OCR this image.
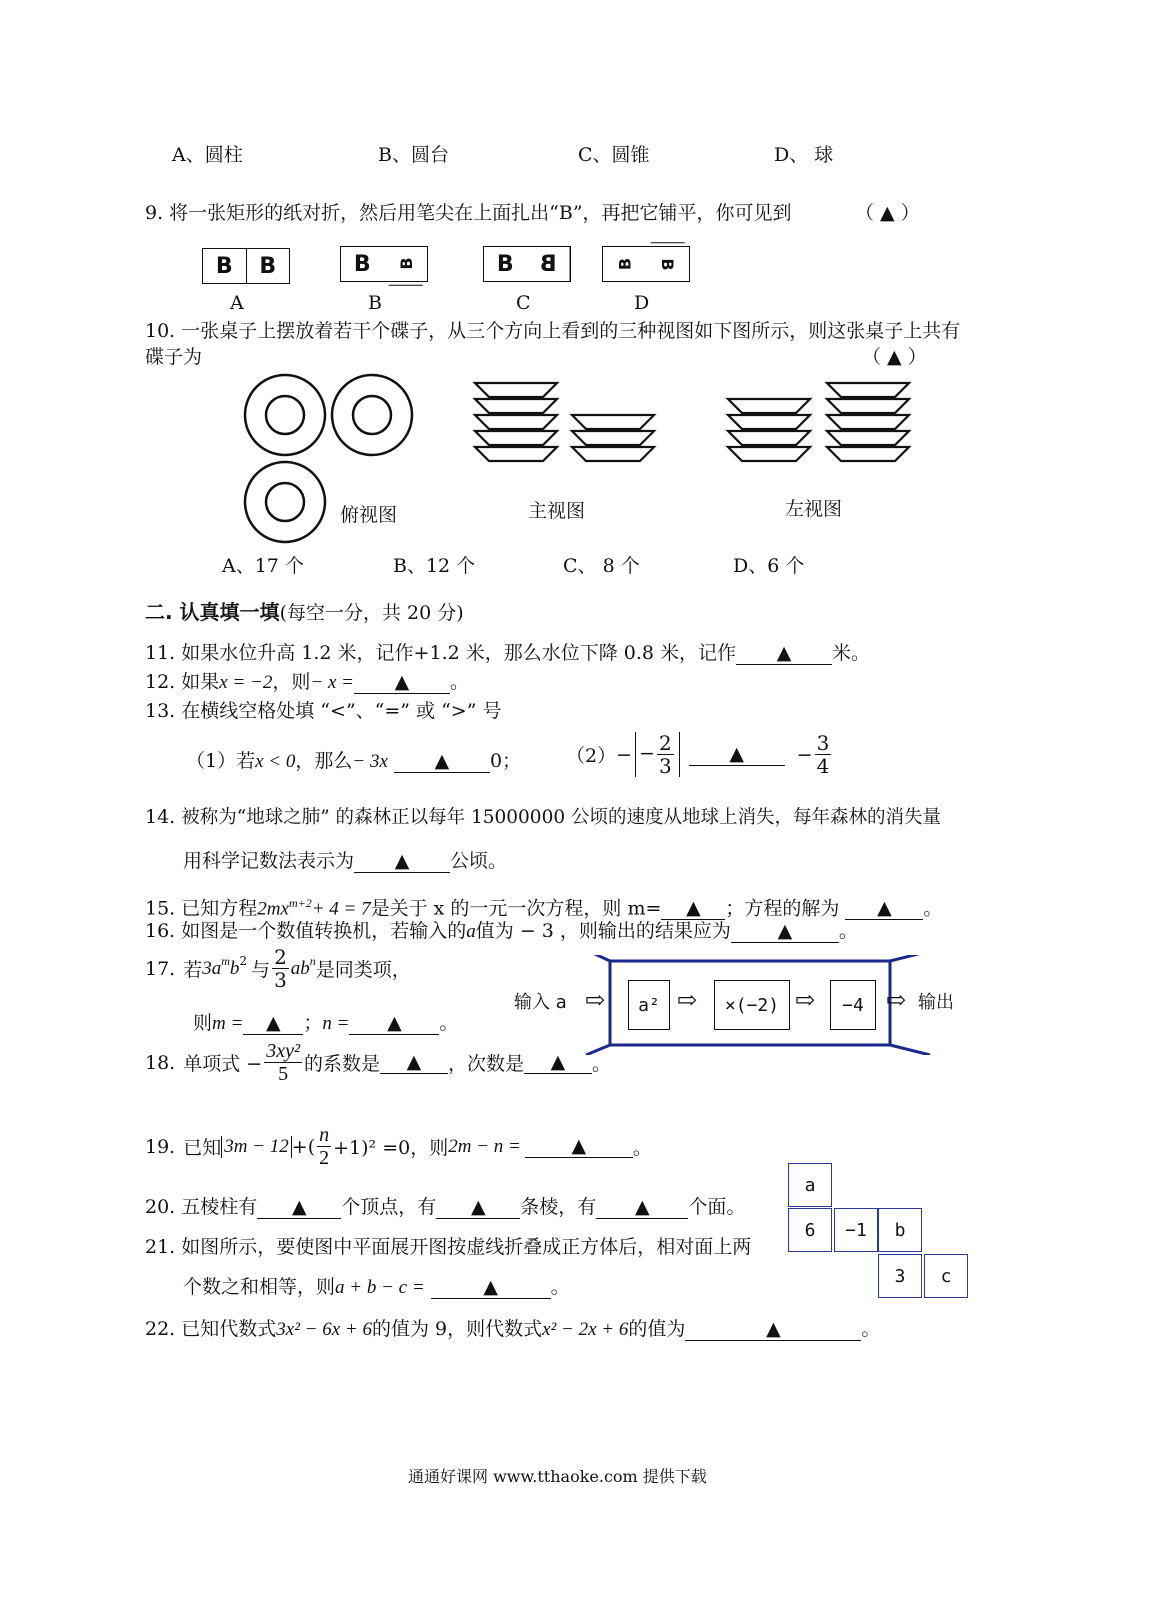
A、圆柱	B、圆台	C、圆锥	D、 球
9. 将一张矩形的纸对折，然后用笔尖在上面扎出“B”，再把它铺平，你可见到	（ ▲ ）
B	B	B	B	B	B	B	B
A	B	C	D
10. 一张桌子上摆放着若干个碟子，从三个方向上看到的三种视图如下图所示，则这张桌子上共有
碟子为	（ ▲ ）
俯视图	主视图	左视图
A、17 个	B、12 个	C、 8 个	D、6 个
二. 认真填一填(每空一分，共 20 分)
11. 如果水位升高 1.2 米，记作+1.2 米，那么水位下降 0.8 米，记作 ▲ 米。
12. 如果x = −2，则− x = ▲ 。
13. 在横线空格处填 “<”、“=” 或 “>” 号
（1）若x < 0，那么− 3x ▲ 0； （2） − − $\frac{2}{3}$	▲	− $\frac{3}{4}$
14. 被称为“地球之肺” 的森林正以每年 15000000 公顷的速度从地球上消失，每年森林的消失量
用科学记数法表示为 ▲ 公顷。
15. 已知方程$2mx^{m+2}+ 4 = 7$是关于 x 的一元一次方程，则 m= ▲ ；方程的解为 ▲ 。
16. 如图是一个数值转换机，若输入的a值为 − 3 ，则输出的结果应为 ▲ 。
17. 若 $3a^m$ $b^2$ 与 $\frac{2}{3} ab^n$ 是同类项，
则m = ▲ ；n = ▲ 。
输入 a ⇨	a² ⇨	×(−2) ⇨	−4 ⇨ 输出
18. 单项式 − $\frac{\text{3xy²}}{5}$ 的系数是	▲	，次数是	▲	。
19. 已知 3m − 12 +( $\frac{n}{2} +1)^2 =0$，则 2m − n =	▲	。
20. 五棱柱有 ▲ 个顶点，有 ▲ 条棱，有 ▲ 个面。
21. 如图所示，要使图中平面展开图按虚线折叠成正方体后，相对面上两
个数之和相等，则a + b − c =	▲	。
a
6	−1	b
3	c
22. 已知代数式3x² − 6x + 6的值为 9，则代数式x² − 2x + 6的值为	▲	。
通通好课网 www.tthaoke.com 提供下载
